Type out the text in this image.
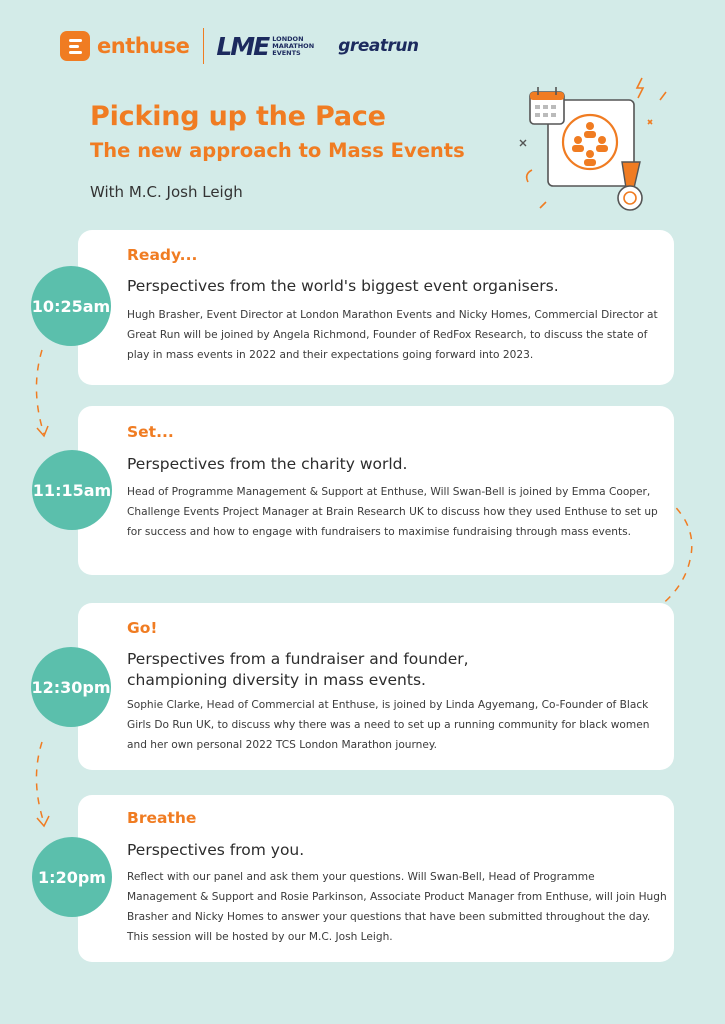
enthuse LME LONDON MARATHON EVENTS	greatrun
Picking up the Pace
The new approach to Mass Events

With M.C. Josh Leigh

Ready...
Perspectives from the world's biggest event organisers.
Hugh Brasher, Event Director at London Marathon Events and Nicky Homes, Commercial Director at Great Run will be joined by Angela Richmond, Founder of RedFox Research, to discuss the state of play in mass events in 2022 and their expectations going forward into 2023.
10:25am
Set...
Perspectives from the charity world.
Head of Programme Management & Support at Enthuse, Will Swan-Bell is joined by Emma Cooper, Challenge Events Project Manager at Brain Research UK to discuss how they used Enthuse to set up for success and how to engage with fundraisers to maximise fundraising through mass events.
11:15am
Go!
Perspectives from a fundraiser and founder, championing diversity in mass events.
Sophie Clarke, Head of Commercial at Enthuse, is joined by Linda Agyemang, Co-Founder of Black Girls Do Run UK, to discuss why there was a need to set up a running community for black women and her own personal 2022 TCS London Marathon journey.
12:30pm
Breathe
Perspectives from you.
Reflect with our panel and ask them your questions. Will Swan-Bell, Head of Programme Management & Support and Rosie Parkinson, Associate Product Manager from Enthuse, will join Hugh Brasher and Nicky Homes to answer your questions that have been submitted throughout the day. This session will be hosted by our M.C. Josh Leigh.
1:20pm
